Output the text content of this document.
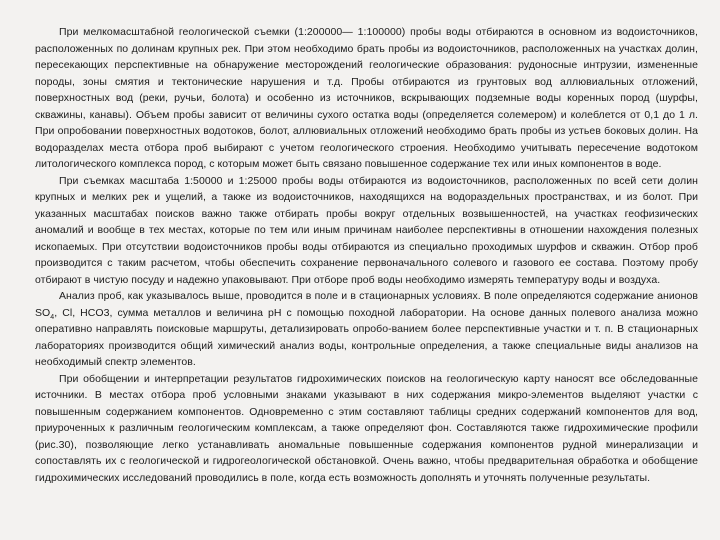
При мелкомасштабной геологической съемки (1:200000— 1:100000) пробы воды отбираются в основном из водоисточников, расположенных по долинам крупных рек. При этом необходимо брать пробы из водоисточников, расположенных на участках долин, пересекающих перспективные на обнаружение месторождений геологические образования: рудоносные интрузии, измененные породы, зоны смятия и тектонические нарушения и т.д. Пробы отбираются из грунтовых вод аллювиальных отложений, поверхностных вод (реки, ручьи, болота) и особенно из источников, вскрывающих подземные воды коренных пород (шурфы, скважины, канавы). Объем пробы зависит от величины сухого остатка воды (определяется солемером) и колеблется от 0,1 до 1 л. При опробовании поверхностных водотоков, болот, аллювиальных отложений необходимо брать пробы из устьев боковых долин. На водоразделах места отбора проб выбирают с учетом геологического строения. Необходимо учитывать пересечение водотоком литологического комплекса пород, с которым может быть связано повышенное содержание тех или иных компонентов в воде.

При съемках масштаба 1:50000 и 1:25000 пробы воды отбираются из водоисточников, расположенных по всей сети долин крупных и мелких рек и ущелий, а также из водоисточников, находящихся на водораздельных пространствах, и из болот. При указанных масштабах поисков важно также отбирать пробы вокруг отдельных возвышенностей, на участках геофизических аномалий и вообще в тех местах, которые по тем или иным причинам наиболее перспективны в отношении нахождения полезных ископаемых. При отсутствии водоисточников пробы воды отбираются из специально проходимых шурфов и скважин. Отбор проб производится с таким расчетом, чтобы обеспечить сохранение первоначального солевого и газового ее состава. Поэтому пробу отбирают в чистую посуду и надежно упаковывают. При отборе проб воды необходимо измерять температуру воды и воздуха.

Анализ проб, как указывалось выше, проводится в поле и в стационарных условиях. В поле определяются содержание анионов $SO_4$, Cl, HCO3, сумма металлов и величина pH с помощью походной лаборатории. На основе данных полевого анализа можно оперативно направлять поисковые маршруты, детализировать опробо-ванием более перспективные участки и т. п. В стационарных лабораториях производится общий химический анализ воды, контрольные определения, а также специальные виды анализов на необходимый спектр элементов.

При обобщении и интерпретации результатов гидрохимических поисков на геологическую карту наносят все обследованные источники. В местах отбора проб условными знаками указывают в них содержания микро-элементов выделяют участки с повышенным содержанием компонентов. Одновременно с этим составляют таблицы средних содержаний компонентов для вод, приуроченных к различным геологическим комплексам, а также определяют фон. Составляются также гидрохимические профили (рис.30), позволяющие легко устанавливать аномальные повышенные содержания компонентов рудной минерализации и сопоставлять их с геологической и гидрогеологической обстановкой. Очень важно, чтобы предварительная обработка и обобщение гидрохимических исследований проводились в поле, когда есть возможность дополнять и уточнять полученные результаты.
